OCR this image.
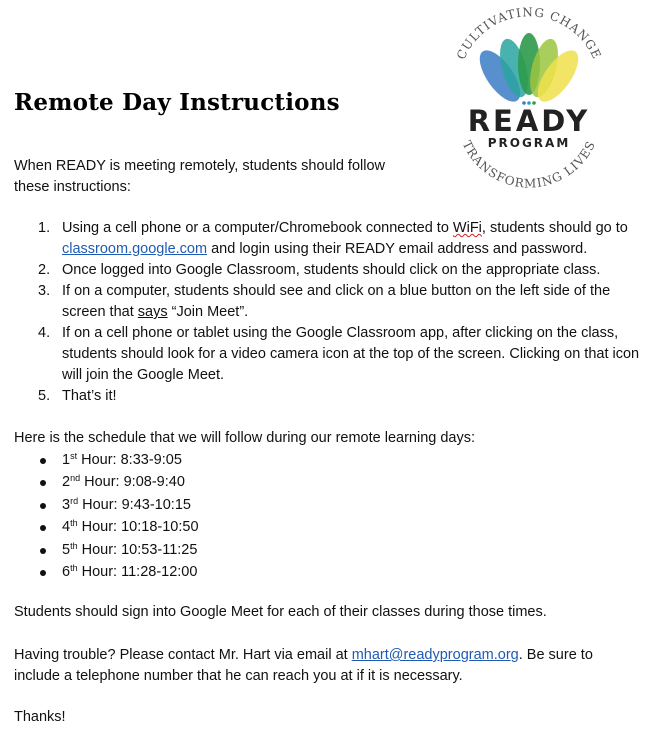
CULTIVATING CHANGE
READY
PROGRAM
TRANSFORMING LIVES
Remote Day Instructions

When READY is meeting remotely, students should follow these instructions:

1. Using a cell phone or a computer/Chromebook connected to WiFi, students should go to classroom.google.com and login using their READY email address and password.
2. Once logged into Google Classroom, students should click on the appropriate class.
3. If on a computer, students should see and click on a blue button on the left side of the screen that says “Join Meet”.
4. If on a cell phone or tablet using the Google Classroom app, after clicking on the class, students should look for a video camera icon at the top of the screen. Clicking on that icon will join the Google Meet.
5. That’s it!

Here is the schedule that we will follow during our remote learning days:

1st Hour: 8:33-9:05
2nd Hour: 9:08-9:40
3rd Hour: 9:43-10:15
4th Hour: 10:18-10:50
5th Hour: 10:53-11:25
6th Hour: 11:28-12:00

Students should sign into Google Meet for each of their classes during those times.

Having trouble? Please contact Mr. Hart via email at mhart@readyprogram.org. Be sure to include a telephone number that he can reach you at if it is necessary.

Thanks!
